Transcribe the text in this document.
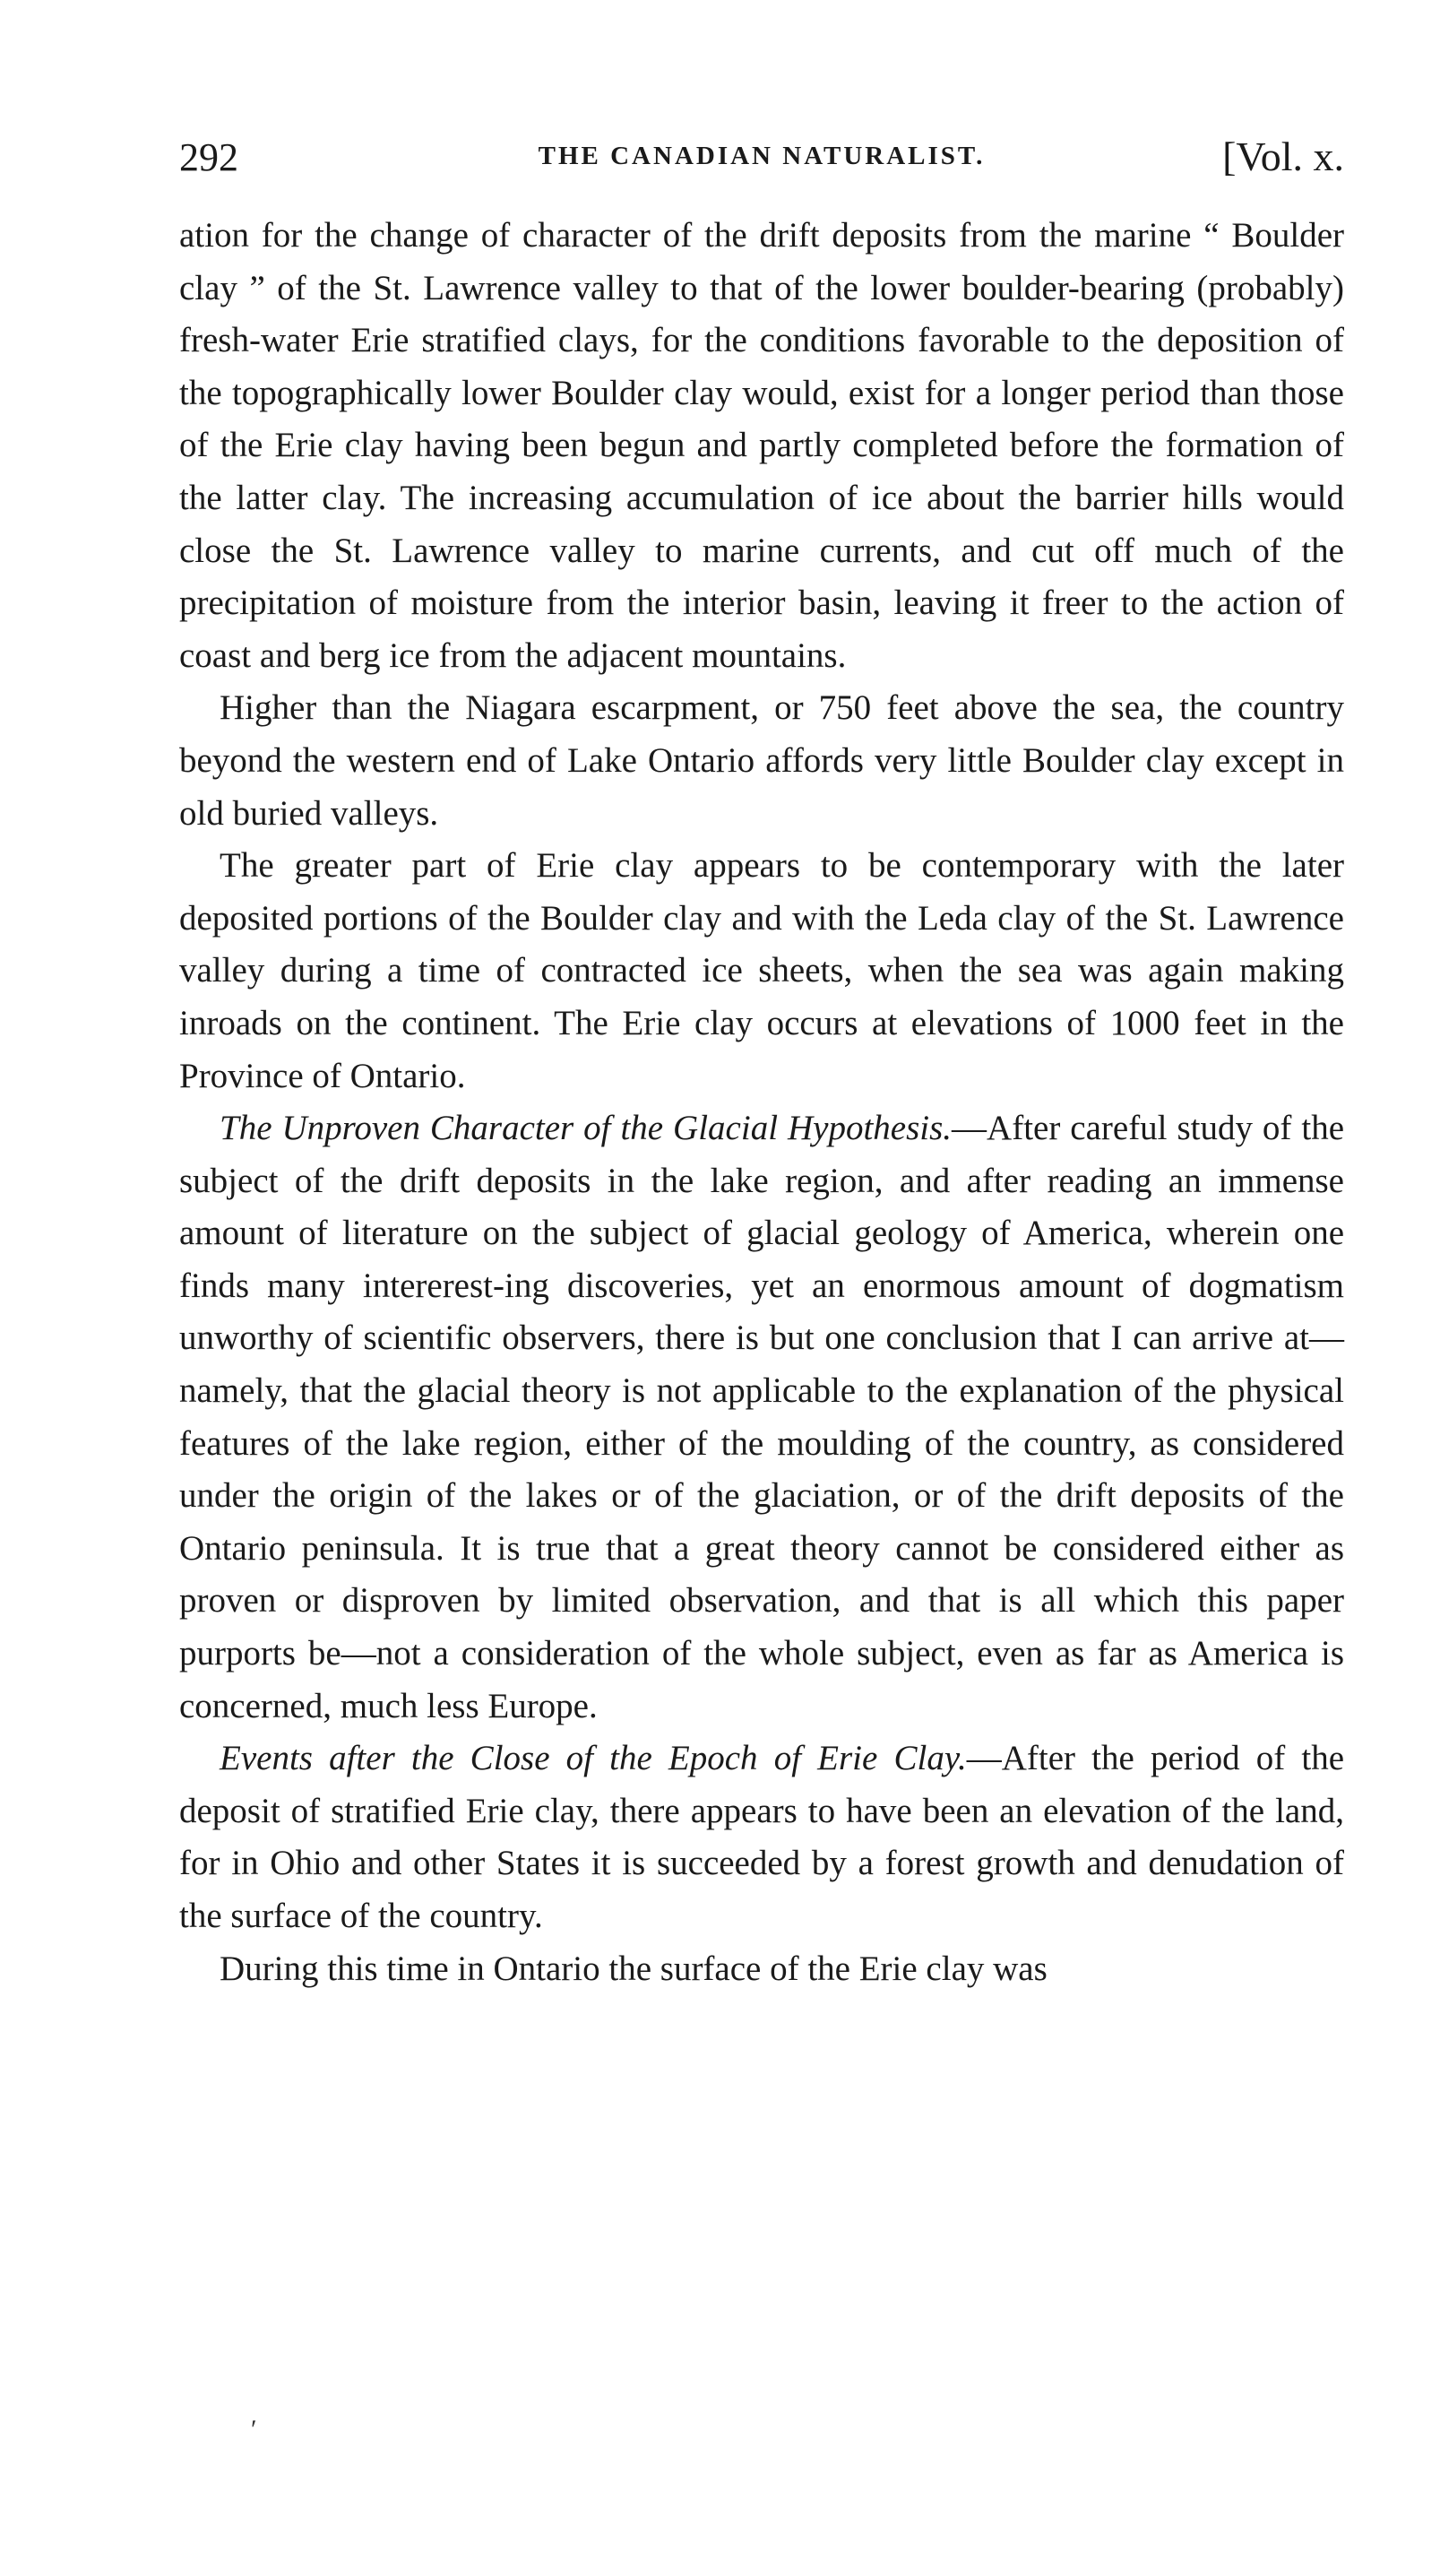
292	THE CANADIAN NATURALIST.	[Vol. x.

ation for the change of character of the drift deposits from the marine “ Boulder clay ” of the St. Lawrence valley to that of the lower boulder-bearing (probably) fresh-water Erie stratified clays, for the conditions favorable to the deposition of the topographically lower Boulder clay would, exist for a longer period than those of the Erie clay having been begun and partly completed before the formation of the latter clay. The increasing accumulation of ice about the barrier hills would close the St. Lawrence valley to marine currents, and cut off much of the precipitation of moisture from the interior basin, leaving it freer to the action of coast and berg ice from the adjacent mountains.

Higher than the Niagara escarpment, or 750 feet above the sea, the country beyond the western end of Lake Ontario affords very little Boulder clay except in old buried valleys.

The greater part of Erie clay appears to be contemporary with the later deposited portions of the Boulder clay and with the Leda clay of the St. Lawrence valley during a time of contracted ice sheets, when the sea was again making inroads on the continent. The Erie clay occurs at elevations of 1000 feet in the Province of Ontario.

The Unproven Character of the Glacial Hypothesis.—After careful study of the subject of the drift deposits in the lake region, and after reading an immense amount of literature on the subject of glacial geology of America, wherein one finds many intererest‐ing discoveries, yet an enormous amount of dogmatism unworthy of scientific observers, there is but one conclusion that I can arrive at—namely, that the glacial theory is not applicable to the explanation of the physical features of the lake region, either of the moulding of the country, as considered under the origin of the lakes or of the glaciation, or of the drift deposits of the Ontario peninsula. It is true that a great theory cannot be considered either as proven or disproven by limited observation, and that is all which this paper purports be—not a consideration of the whole subject, even as far as America is concerned, much less Europe.

Events after the Close of the Epoch of Erie Clay.—After the period of the deposit of stratified Erie clay, there appears to have been an elevation of the land, for in Ohio and other States it is succeeded by a forest growth and denudation of the surface of the country.

During this time in Ontario the surface of the Erie clay was

′
